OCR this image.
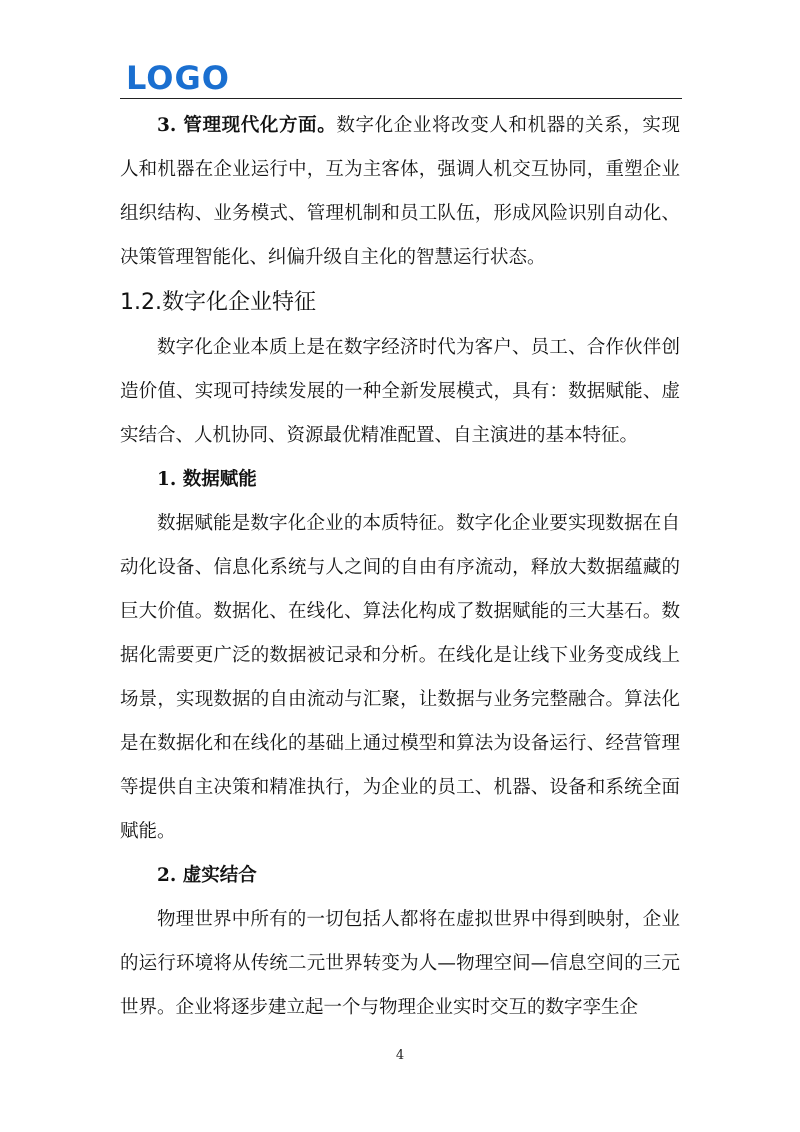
LOGO

3. 管理现代化方面。数字化企业将改变人和机器的关系，实现人和机器在企业运行中，互为主客体，强调人机交互协同，重塑企业组织结构、业务模式、管理机制和员工队伍，形成风险识别自动化、决策管理智能化、纠偏升级自主化的智慧运行状态。

1.2.数字化企业特征

数字化企业本质上是在数字经济时代为客户、员工、合作伙伴创造价值、实现可持续发展的一种全新发展模式，具有：数据赋能、虚实结合、人机协同、资源最优精准配置、自主演进的基本特征。

1. 数据赋能

数据赋能是数字化企业的本质特征。数字化企业要实现数据在自动化设备、信息化系统与人之间的自由有序流动，释放大数据蕴藏的巨大价值。数据化、在线化、算法化构成了数据赋能的三大基石。数据化需要更广泛的数据被记录和分析。在线化是让线下业务变成线上场景，实现数据的自由流动与汇聚，让数据与业务完整融合。算法化是在数据化和在线化的基础上通过模型和算法为设备运行、经营管理等提供自主决策和精准执行，为企业的员工、机器、设备和系统全面赋能。

2. 虚实结合

物理世界中所有的一切包括人都将在虚拟世界中得到映射，企业的运行环境将从传统二元世界转变为人—物理空间—信息空间的三元世界。企业将逐步建立起一个与物理企业实时交互的数字孪生企

4
